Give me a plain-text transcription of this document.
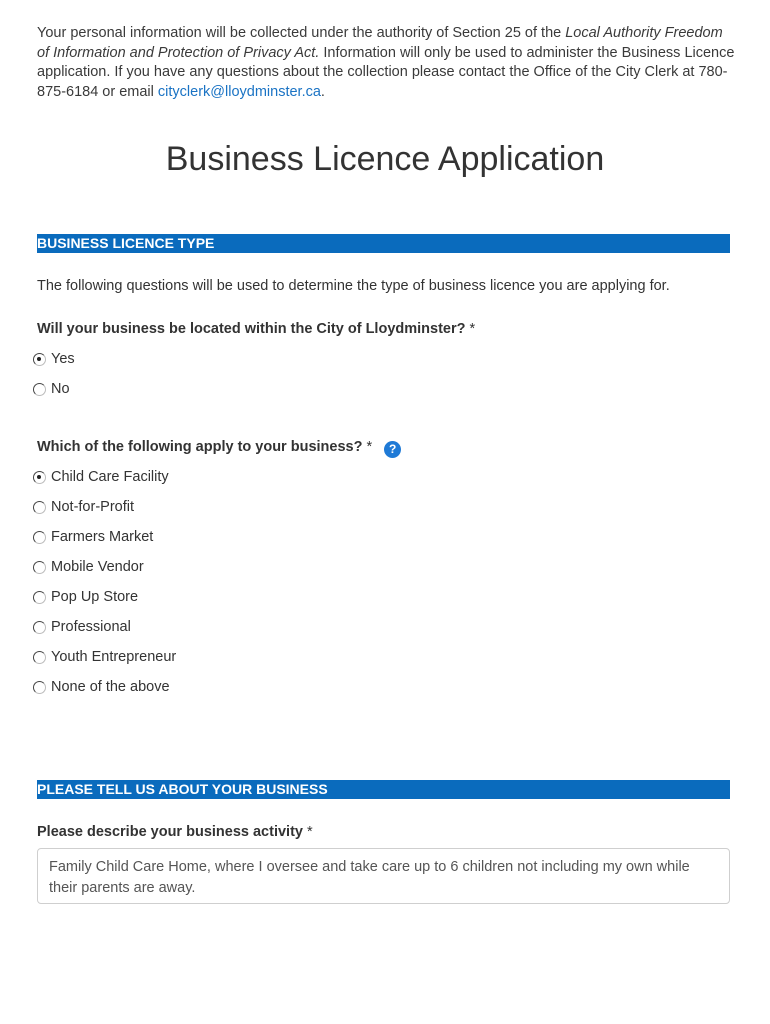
Your personal information will be collected under the authority of Section 25 of the Local Authority Freedom of Information and Protection of Privacy Act. Information will only be used to administer the Business Licence application. If you have any questions about the collection please contact the Office of the City Clerk at 780-875-6184 or email cityclerk@lloydminster.ca.
Business Licence Application
BUSINESS LICENCE TYPE
The following questions will be used to determine the type of business licence you are applying for.
Will your business be located within the City of Lloydminster? *
Yes
No
Which of the following apply to your business? * ?
Child Care Facility
Not-for-Profit
Farmers Market
Mobile Vendor
Pop Up Store
Professional
Youth Entrepreneur
None of the above
PLEASE TELL US ABOUT YOUR BUSINESS
Please describe your business activity *
Family Child Care Home, where I oversee and take care up to 6 children not including my own while their parents are away.
